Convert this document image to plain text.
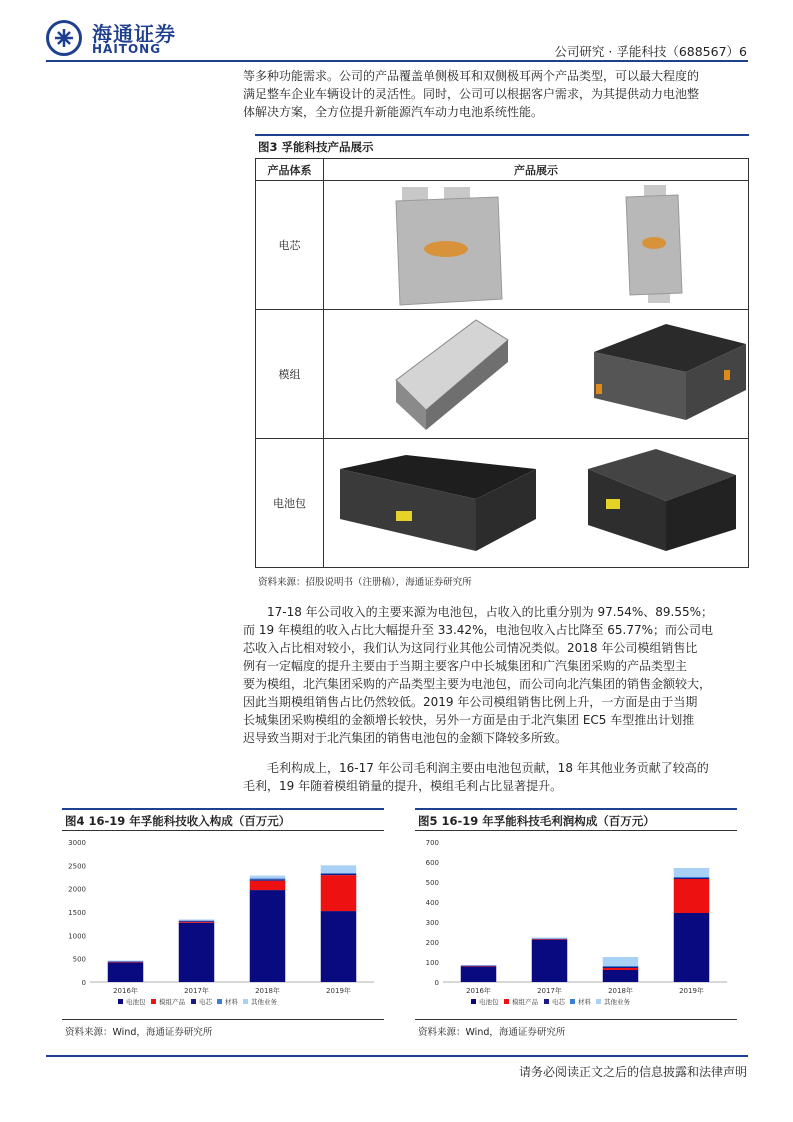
海通证券
HAITONG	公司研究 · 孚能科技（688567）6
等多种功能需求。公司的产品覆盖单侧极耳和双侧极耳两个产品类型，可以最大程度的
满足整车企业车辆设计的灵活性。同时，公司可以根据客户需求，为其提供动力电池整
体解决方案，全方位提升新能源汽车动力电池系统性能。
图3 孚能科技产品展示
产品体系	产品展示
电芯	
模组	
电池包	
资料来源：招股说明书（注册稿），海通证券研究所
17-18 年公司收入的主要来源为电池包，占收入的比重分别为 97.54%、89.55%；
而 19 年模组的收入占比大幅提升至 33.42%，电池包收入占比降至 65.77%；而公司电
芯收入占比相对较小，我们认为这同行业其他公司情况类似。2018 年公司模组销售比
例有一定幅度的提升主要由于当期主要客户中长城集团和广汽集团采购的产品类型主
要为模组，北汽集团采购的产品类型主要为电池包，而公司向北汽集团的销售金额较大，
因此当期模组销售占比仍然较低。2019 年公司模组销售比例上升，一方面是由于当期
长城集团采购模组的金额增长较快，另外一方面是由于北汽集团 EC5 车型推出计划推
迟导致当期对于北汽集团的销售电池包的金额下降较多所致。
毛利构成上，16-17 年公司毛利润主要由电池包贡献，18 年其他业务贡献了较高的
毛利，19 年随着模组销量的提升，模组毛利占比显著提升。
图4 16-19 年孚能科技收入构成（百万元）
0
500
1000
1500
2000
2500
3000
2016年	2017年	2018年	2019年
电池包 模组产品 电芯 材料 其他业务
资料来源：Wind，海通证券研究所
图5 16-19 年孚能科技毛利润构成（百万元）
0
100
200
300
400
500
600
700
2016年	2017年	2018年	2019年
电池包 模组产品 电芯 材料 其他业务
资料来源：Wind，海通证券研究所
请务必阅读正文之后的信息披露和法律声明
